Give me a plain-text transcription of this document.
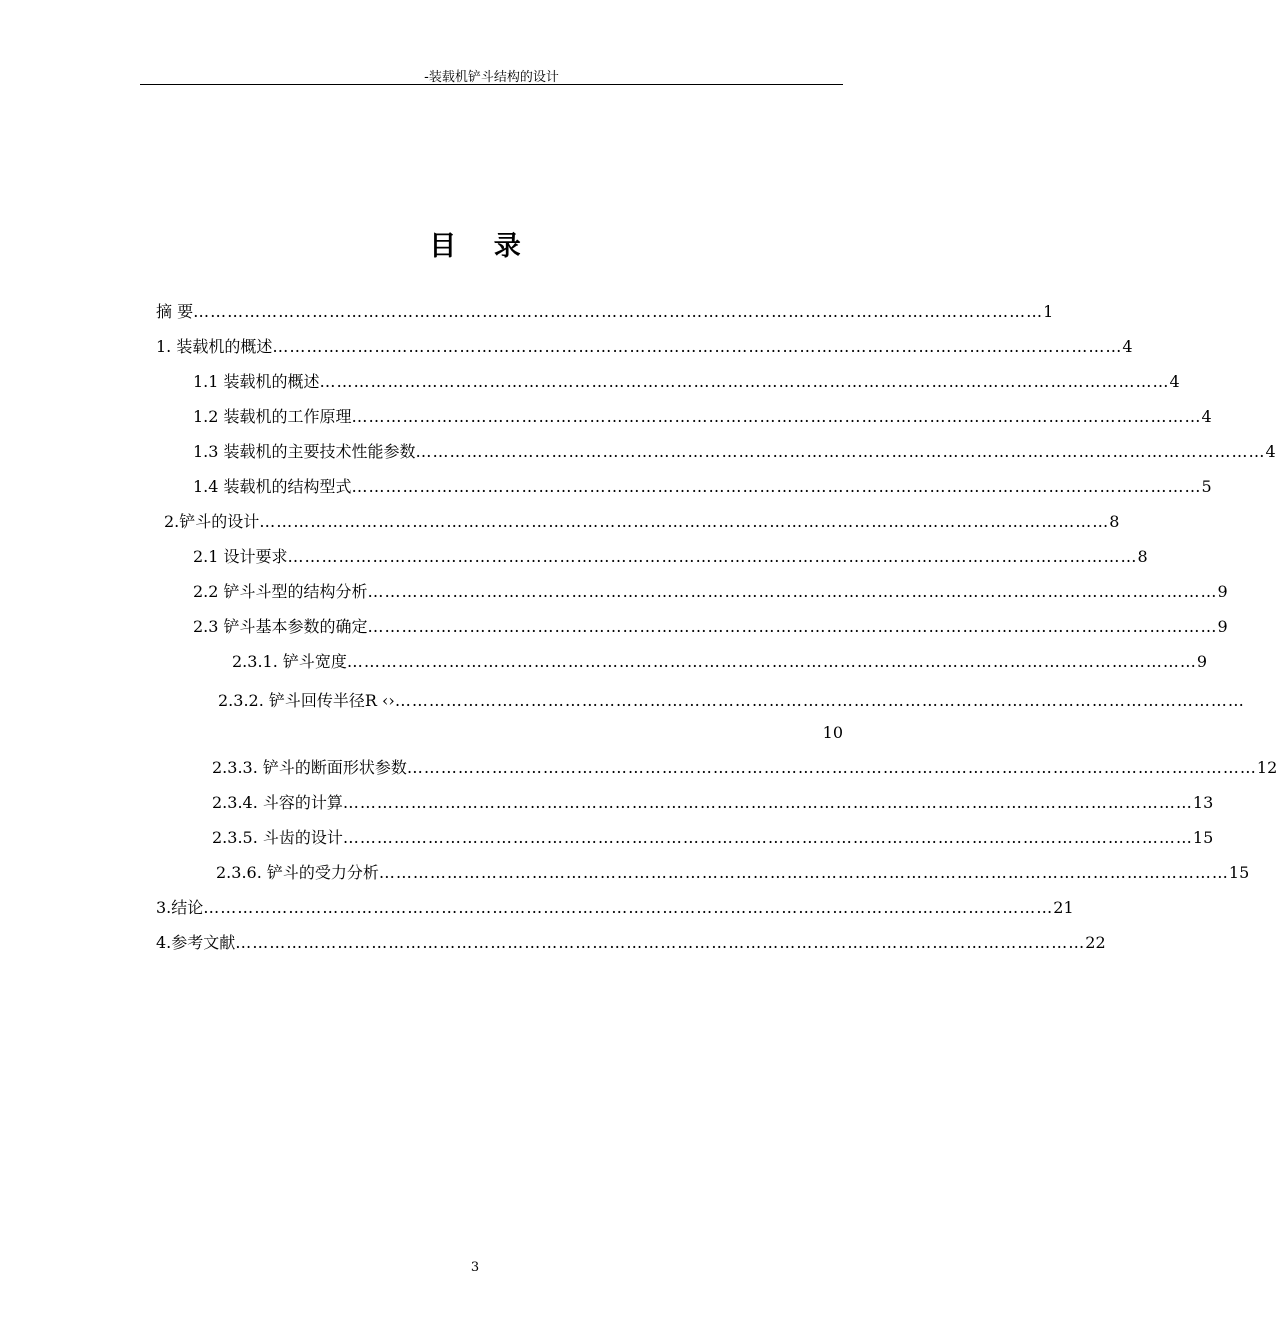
-装载机铲斗结构的设计
目 录
摘 要 …………………………………………………………………………………………………………………………………… 1
1. 装载机的概述 …………………………………………………………………………………………………………………………………… 4
1.1 装载机的概述 …………………………………………………………………………………………………………………………………… 4
1.2 装载机的工作原理 …………………………………………………………………………………………………………………………………… 4
1.3 装载机的主要技术性能参数 …………………………………………………………………………………………………………………………………… 4
1.4 装载机的结构型式 …………………………………………………………………………………………………………………………………… 5
2.铲斗的设计 …………………………………………………………………………………………………………………………………… 8
2.1 设计要求 …………………………………………………………………………………………………………………………………… 8
2.2 铲斗斗型的结构分析 …………………………………………………………………………………………………………………………………… 9
2.3 铲斗基本参数的确定 …………………………………………………………………………………………………………………………………… 9
2.3.1. 铲斗宽度 …………………………………………………………………………………………………………………………………… 9
2.3.2. 铲斗回传半径R ‹› ……………………………………………………………………………………………………………………………………
10
2.3.3. 铲斗的断面形状参数 …………………………………………………………………………………………………………………………………… 12
2.3.4. 斗容的计算 …………………………………………………………………………………………………………………………………… 13
2.3.5. 斗齿的设计 …………………………………………………………………………………………………………………………………… 15
2.3.6. 铲斗的受力分析 …………………………………………………………………………………………………………………………………… 15
3.结论 …………………………………………………………………………………………………………………………………… 21
4.参考文献 …………………………………………………………………………………………………………………………………… 22
3
